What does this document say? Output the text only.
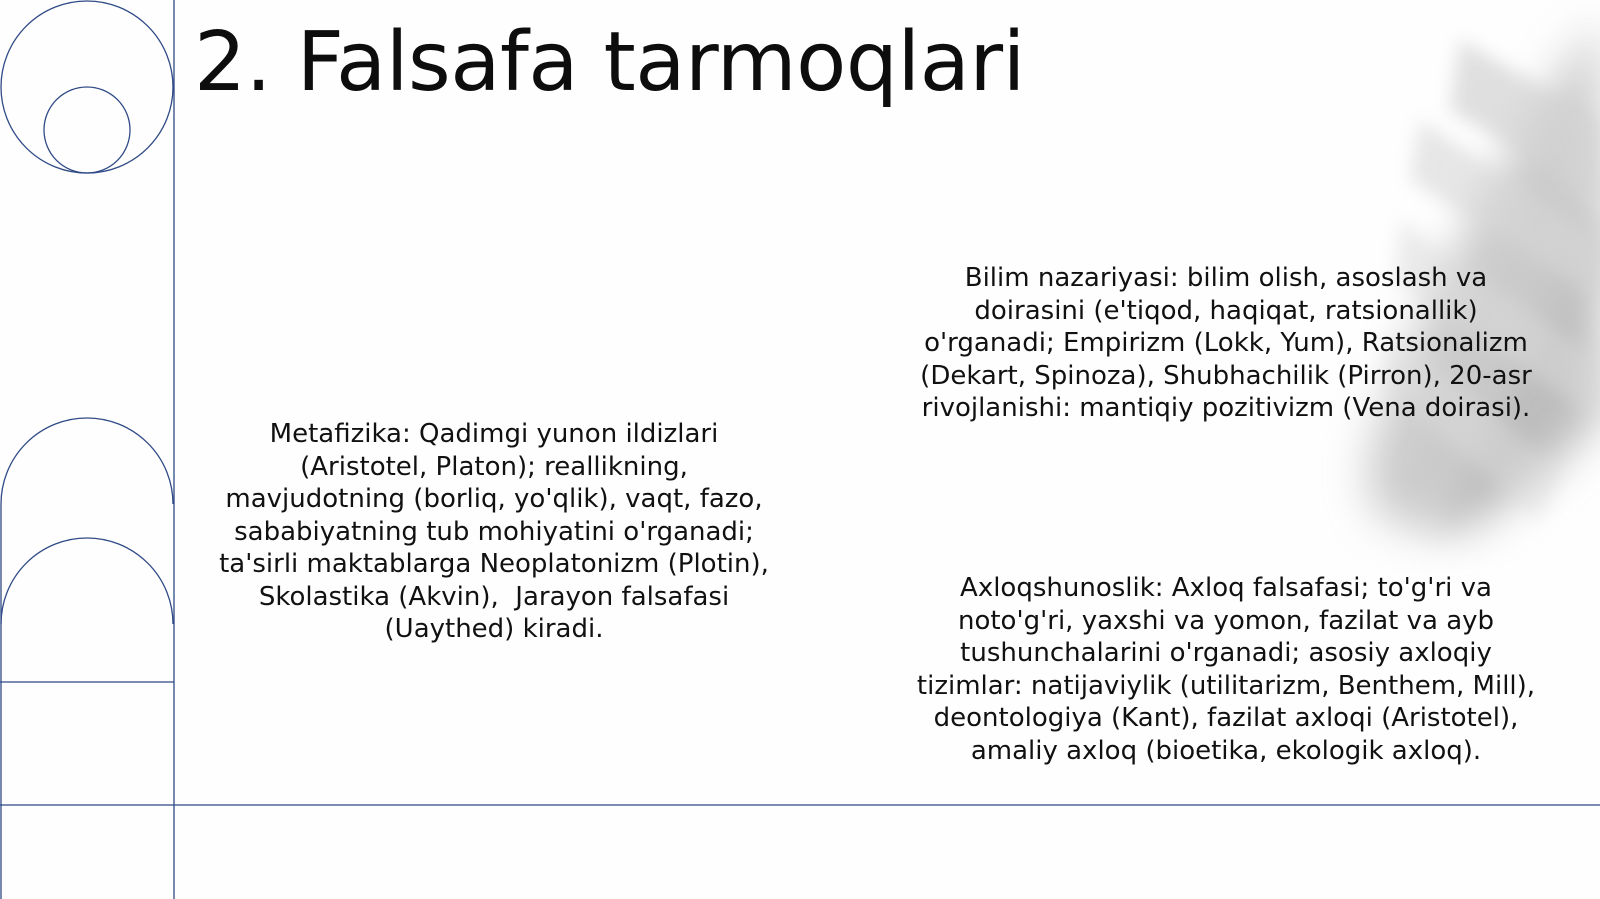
2. Falsafa tarmoqlari
Metafizika: Qadimgi yunon ildizlari
(Aristotel, Platon); reallikning,
mavjudotning (borliq, yo'qlik), vaqt, fazo,
sababiyatning tub mohiyatini o'rganadi;
ta'sirli maktablarga Neoplatonizm (Plotin),
Skolastika (Akvin),  Jarayon falsafasi
(Uaythed) kiradi.
Bilim nazariyasi: bilim olish, asoslash va
doirasini (e'tiqod, haqiqat, ratsionallik)
o'rganadi; Empirizm (Lokk, Yum), Ratsionalizm
(Dekart, Spinoza), Shubhachilik (Pirron), 20-asr
rivojlanishi: mantiqiy pozitivizm (Vena doirasi).
Axloqshunoslik: Axloq falsafasi; to'g'ri va
noto'g'ri, yaxshi va yomon, fazilat va ayb
tushunchalarini o'rganadi; asosiy axloqiy
tizimlar: natijaviylik (utilitarizm, Benthem, Mill),
deontologiya (Kant), fazilat axloqi (Aristotel),
amaliy axloq (bioetika, ekologik axloq).
